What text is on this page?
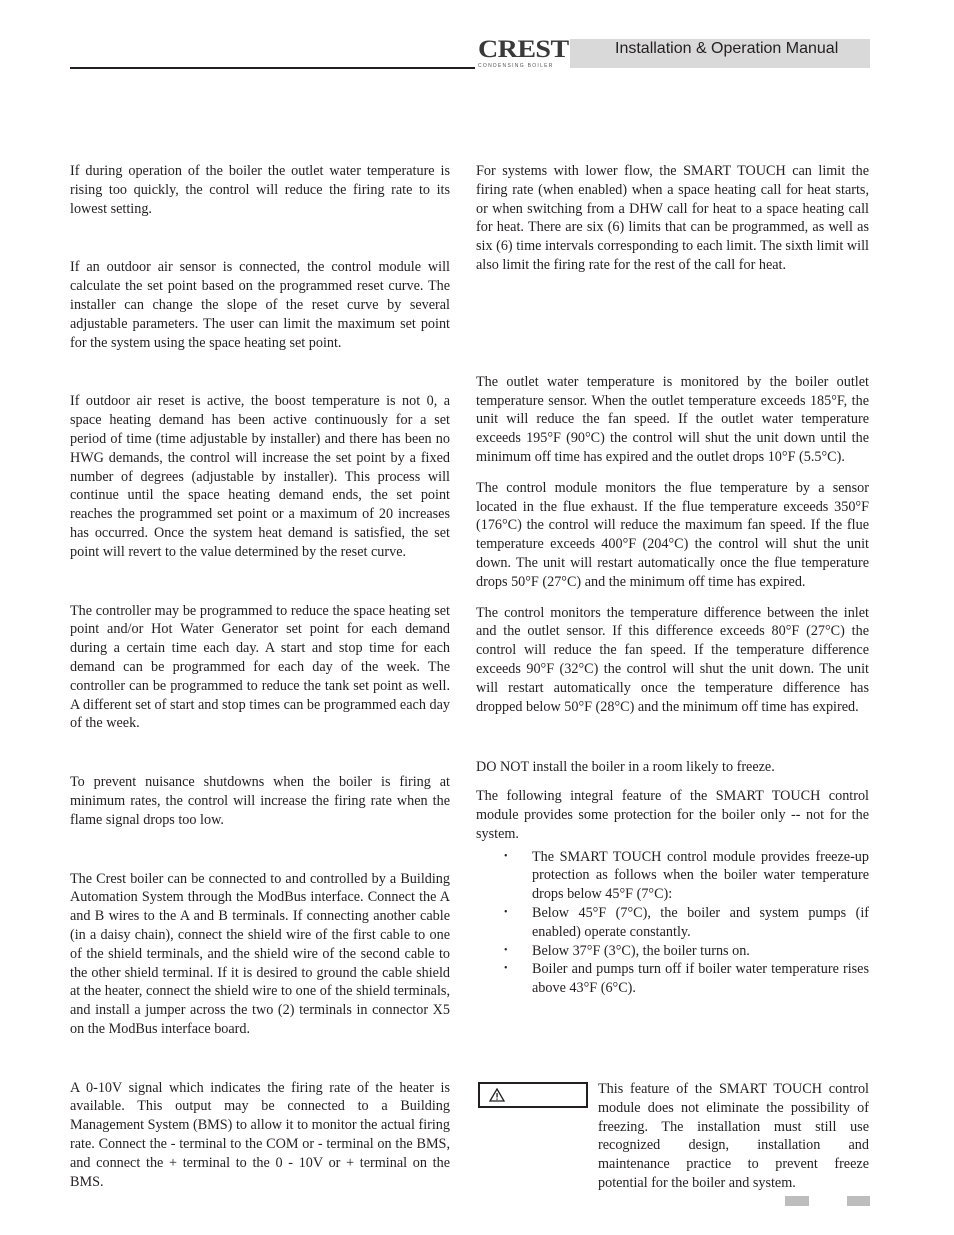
CREST
CONDENSING BOILER
Installation & Operation Manual

If during operation of the boiler the outlet water temperature is rising too quickly, the control will reduce the firing rate to its lowest setting.

If an outdoor air sensor is connected, the control module will calculate the set point based on the programmed reset curve. The installer can change the slope of the reset curve by several adjustable parameters. The user can limit the maximum set point for the system using the space heating set point.

If outdoor air reset is active, the boost temperature is not 0, a space heating demand has been active continuously for a set period of time (time adjustable by installer) and there has been no HWG demands, the control will increase the set point by a fixed number of degrees (adjustable by installer). This process will continue until the space heating demand ends, the set point reaches the programmed set point or a maximum of 20 increases has occurred. Once the system heat demand is satisfied, the set point will revert to the value determined by the reset curve.

The controller may be programmed to reduce the space heating set point and/or Hot Water Generator set point for each demand during a certain time each day. A start and stop time for each demand can be programmed for each day of the week. The controller can be programmed to reduce the tank set point as well. A different set of start and stop times can be programmed each day of the week.

To prevent nuisance shutdowns when the boiler is firing at minimum rates, the control will increase the firing rate when the flame signal drops too low.

The Crest boiler can be connected to and controlled by a Building Automation System through the ModBus interface. Connect the A and B wires to the A and B terminals. If connecting another cable (in a daisy chain), connect the shield wire of the first cable to one of the shield terminals, and the shield wire of the second cable to the other shield terminal. If it is desired to ground the cable shield at the heater, connect the shield wire to one of the shield terminals, and install a jumper across the two (2) terminals in connector X5 on the ModBus interface board.

A 0-10V signal which indicates the firing rate of the heater is available. This output may be connected to a Building Management System (BMS) to allow it to monitor the actual firing rate. Connect the - terminal to the COM or - terminal on the BMS, and connect the + terminal to the 0 - 10V or + terminal on the BMS.

For systems with lower flow, the SMART TOUCH can limit the firing rate (when enabled) when a space heating call for heat starts, or when switching from a DHW call for heat to a space heating call for heat. There are six (6) limits that can be programmed, as well as six (6) time intervals corresponding to each limit. The sixth limit will also limit the firing rate for the rest of the call for heat.

The outlet water temperature is monitored by the boiler outlet temperature sensor. When the outlet temperature exceeds 185°F, the unit will reduce the fan speed. If the outlet water temperature exceeds 195°F (90°C) the control will shut the unit down until the minimum off time has expired and the outlet drops 10°F (5.5°C).

The control module monitors the flue temperature by a sensor located in the flue exhaust. If the flue temperature exceeds 350°F (176°C) the control will reduce the maximum fan speed. If the flue temperature exceeds 400°F (204°C) the control will shut the unit down. The unit will restart automatically once the flue temperature drops 50°F (27°C) and the minimum off time has expired.

The control monitors the temperature difference between the inlet and the outlet sensor. If this difference exceeds 80°F (27°C) the control will reduce the fan speed. If the temperature difference exceeds 90°F (32°C) the control will shut the unit down. The unit will restart automatically once the temperature difference has dropped below 50°F (28°C) and the minimum off time has expired.

DO NOT install the boiler in a room likely to freeze.

The following integral feature of the SMART TOUCH control module provides some protection for the boiler only -- not for the system.

• The SMART TOUCH control module provides freeze-up protection as follows when the boiler water temperature drops below 45°F (7°C):
• Below 45°F (7°C), the boiler and system pumps (if enabled) operate constantly.
• Below 37°F (3°C), the boiler turns on.
• Boiler and pumps turn off if boiler water temperature rises above 43°F (6°C).

This feature of the SMART TOUCH control module does not eliminate the possibility of freezing. The installation must still use recognized design, installation and maintenance practice to prevent freeze potential for the boiler and system.
